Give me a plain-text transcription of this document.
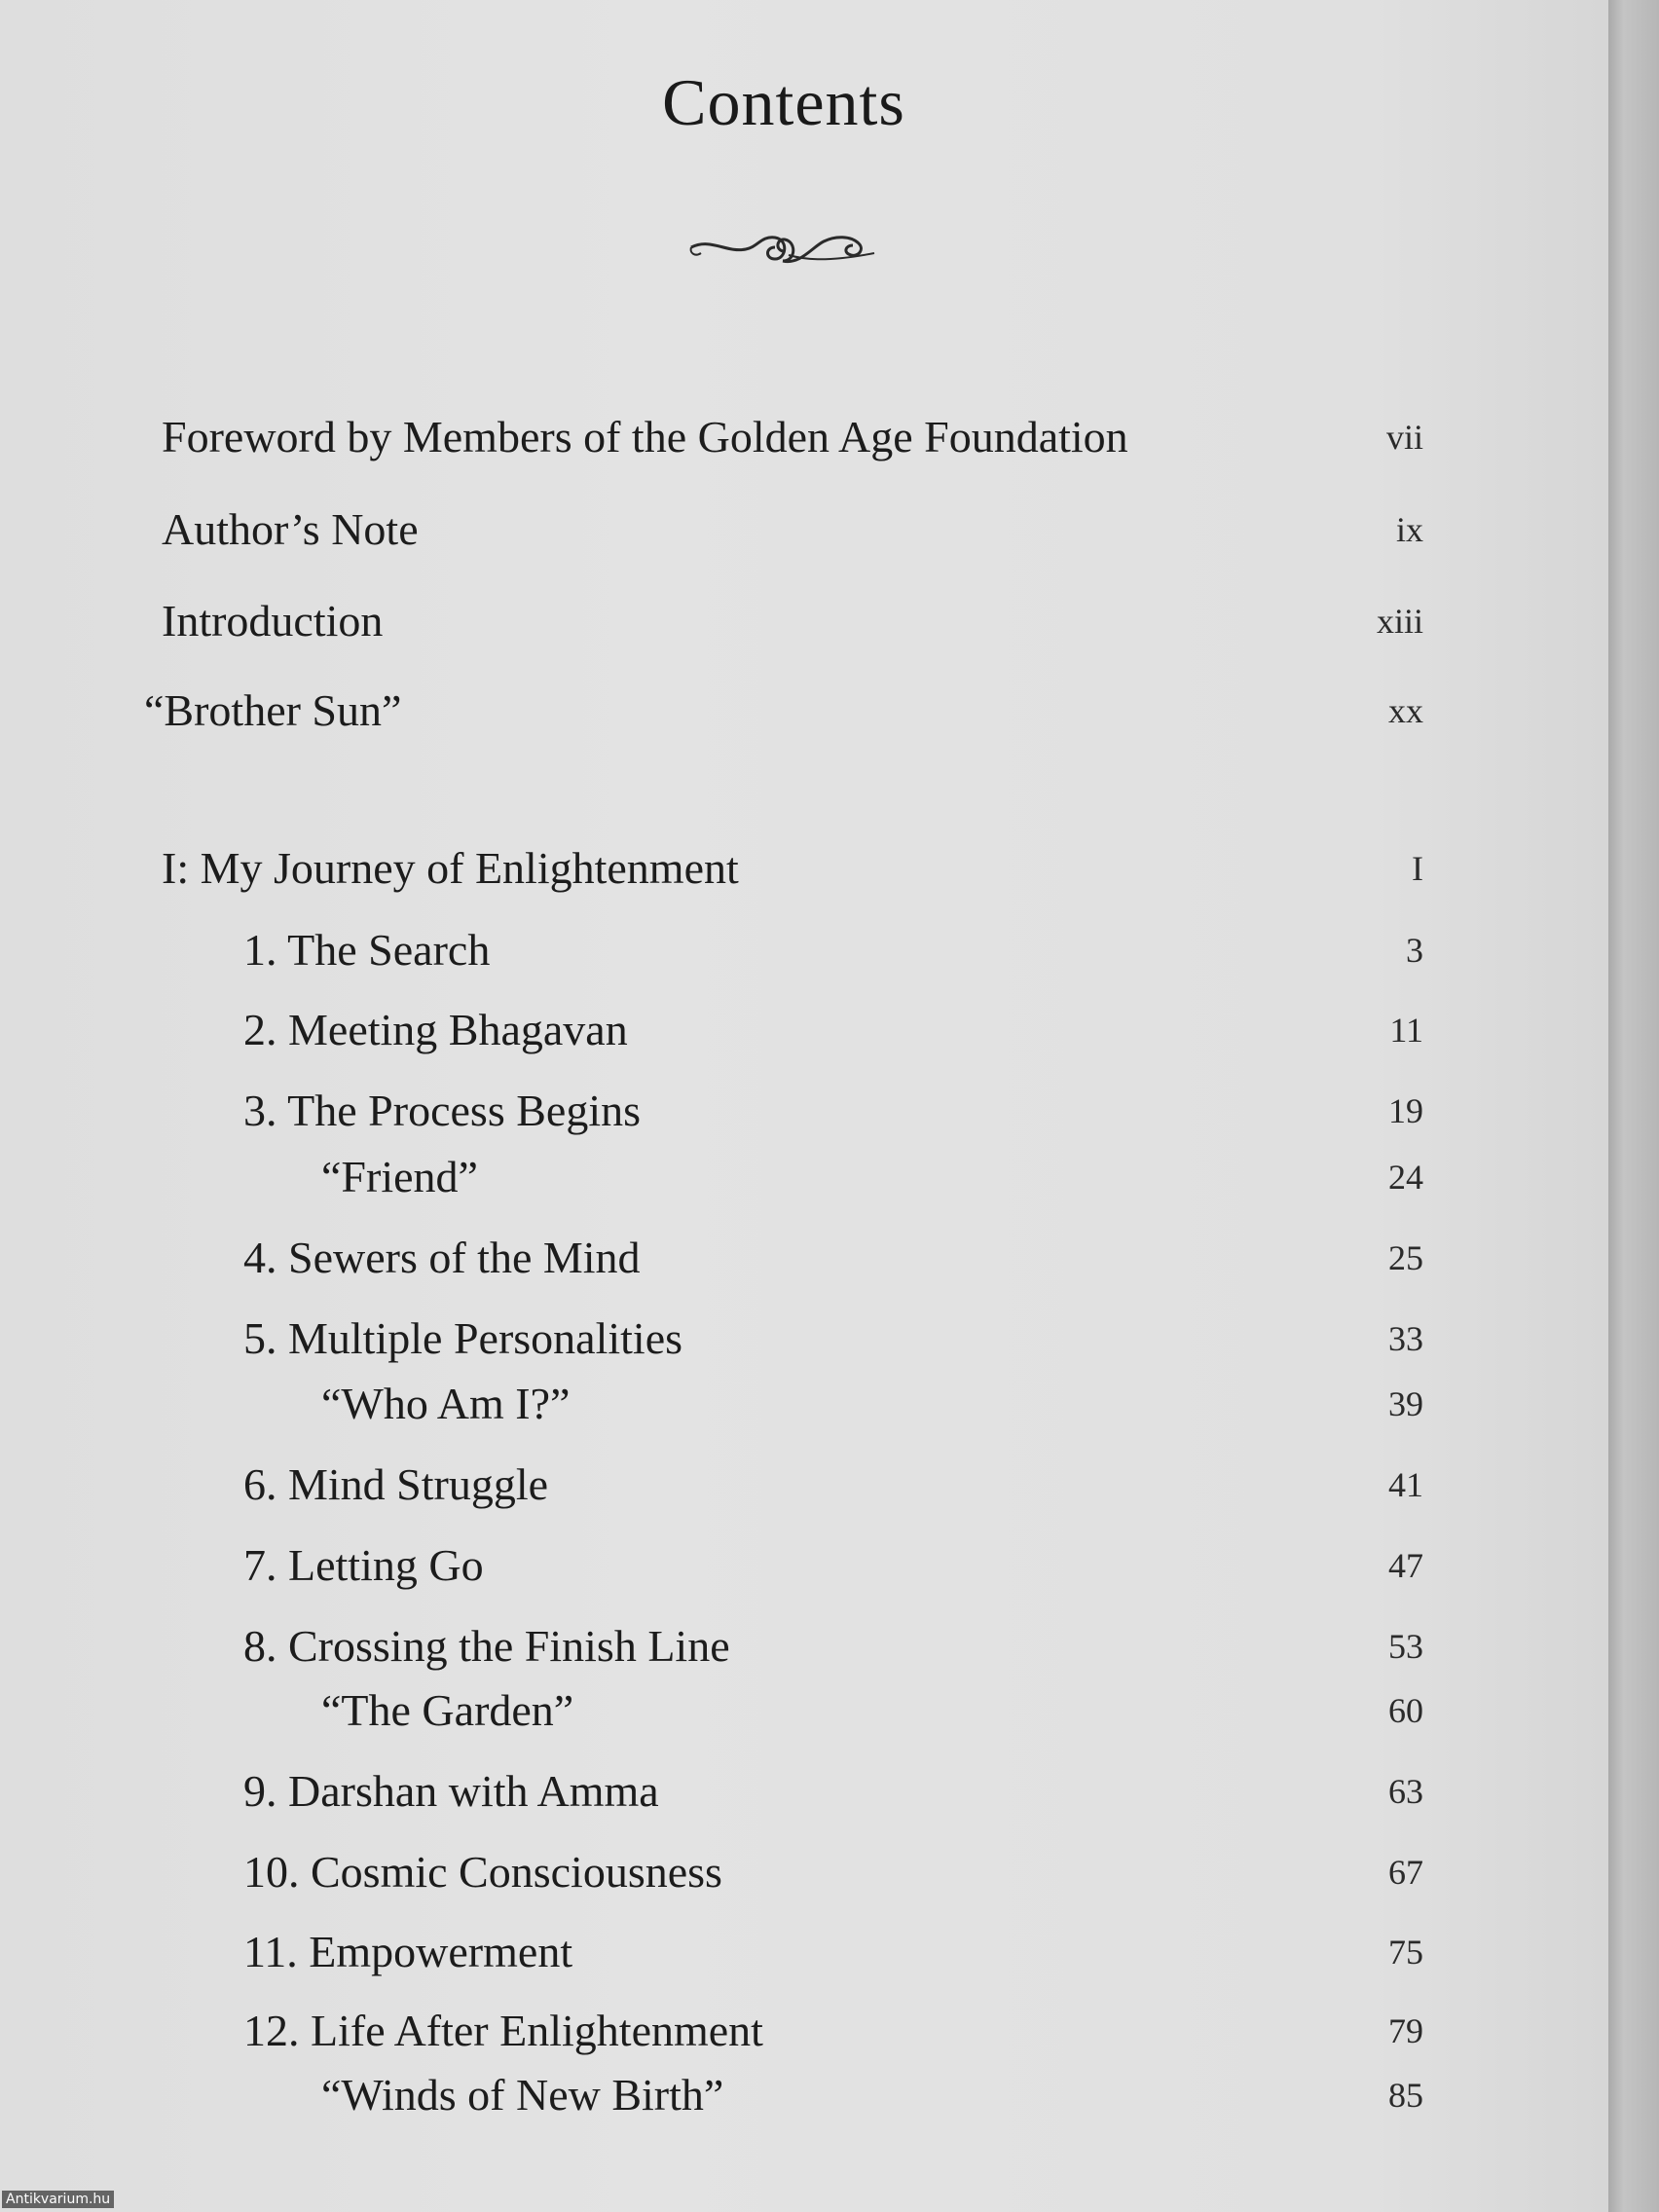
Contents
Foreword by Members of the Golden Age Foundation	vii
Author’s Note	ix
Introduction	xiii
“Brother Sun”	xx
I: My Journey of Enlightenment	I
1. The Search	3
2. Meeting Bhagavan	11
3. The Process Begins	19
“Friend”	24
4. Sewers of the Mind	25
5. Multiple Personalities	33
“Who Am I?”	39
6. Mind Struggle	41
7. Letting Go	47
8. Crossing the Finish Line	53
“The Garden”	60
9. Darshan with Amma	63
10. Cosmic Consciousness	67
11. Empowerment	75
12. Life After Enlightenment	79
“Winds of New Birth”	85
Antikvarium.hu
